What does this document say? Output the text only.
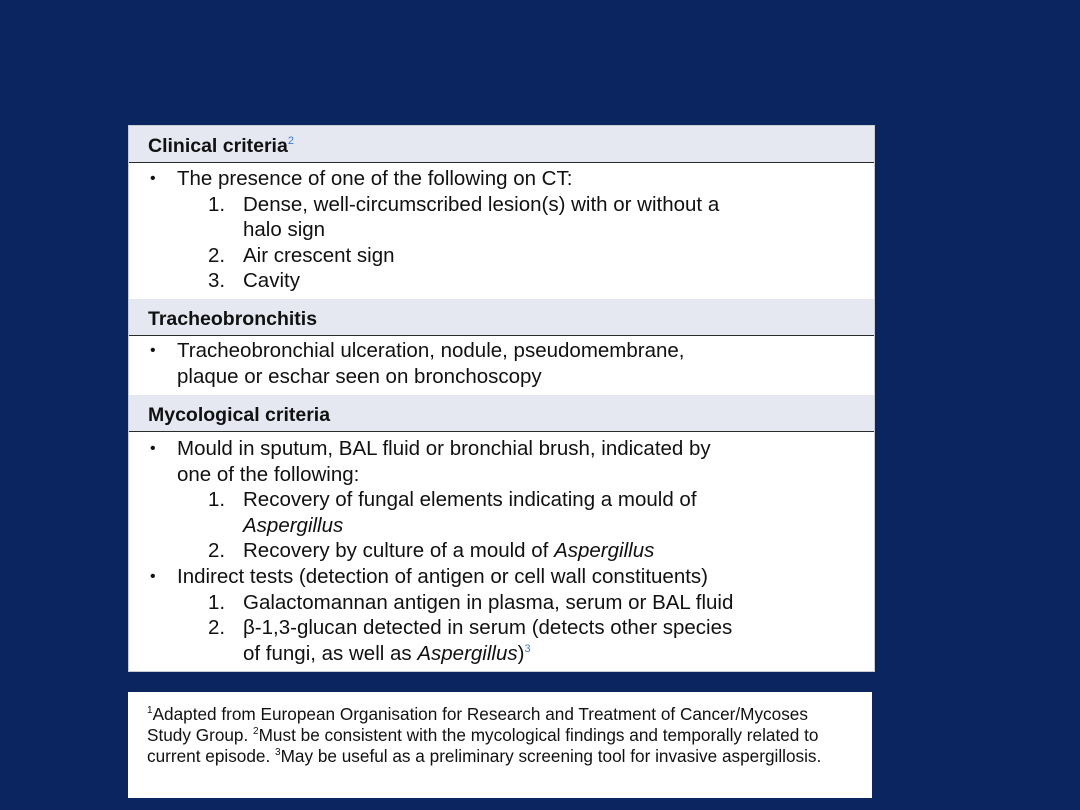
Clinical criteria$^2$
• The presence of one of the following on CT:
1. Dense, well-circumscribed lesion(s) with or without a
halo sign
2. Air crescent sign
3. Cavity
Tracheobronchitis
• Tracheobronchial ulceration, nodule, pseudomembrane,
plaque or eschar seen on bronchoscopy
Mycological criteria
• Mould in sputum, BAL fluid or bronchial brush, indicated by
one of the following:
1. Recovery of fungal elements indicating a mould of
Aspergillus
2. Recovery by culture of a mould of Aspergillus
• Indirect tests (detection of antigen or cell wall constituents)
1. Galactomannan antigen in plasma, serum or BAL fluid
2. β-1,3-glucan detected in serum (detects other species
of fungi, as well as Aspergillus)$^3$
$^1$Adapted from European Organisation for Research and Treatment of Cancer/Mycoses Study Group. $^2$Must be consistent with the mycological findings and temporally related to current episode. $^3$May be useful as a preliminary screening tool for invasive aspergillosis.
